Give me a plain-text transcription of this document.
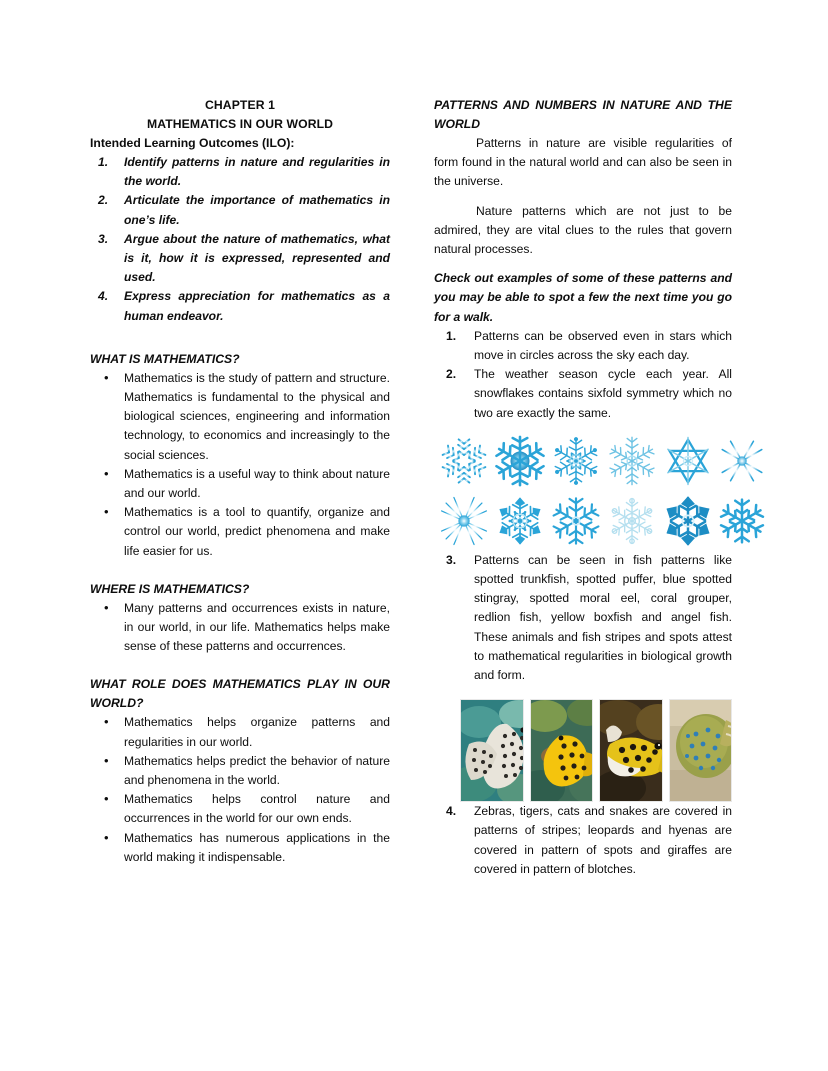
CHAPTER 1
MATHEMATICS IN OUR WORLD
Intended Learning Outcomes (ILO):
1. Identify patterns in nature and regularities in the world.
2. Articulate the importance of mathematics in one’s life.
3. Argue about the nature of mathematics, what is it, how it is expressed, represented and used.
4. Express appreciation for mathematics as a human endeavor.
WHAT IS MATHEMATICS?
• Mathematics is the study of pattern and structure. Mathematics is fundamental to the physical and biological sciences, engineering and information technology, to economics and increasingly to the social sciences.
• Mathematics is a useful way to think about nature and our world.
• Mathematics is a tool to quantify, organize and control our world, predict phenomena and make life easier for us.
WHERE IS MATHEMATICS?
• Many patterns and occurrences exists in nature, in our world, in our life. Mathematics helps make sense of these patterns and occurrences.
WHAT ROLE DOES MATHEMATICS PLAY IN OUR WORLD?
• Mathematics helps organize patterns and regularities in our world.
• Mathematics helps predict the behavior of nature and phenomena in the world.
• Mathematics helps control nature and occurrences in the world for our own ends.
• Mathematics has numerous applications in the world making it indispensable.
PATTERNS AND NUMBERS IN NATURE AND THE WORLD

Patterns in nature are visible regularities of form found in the natural world and can also be seen in the universe.

Nature patterns which are not just to be admired, they are vital clues to the rules that govern natural processes.

Check out examples of some of these patterns and you may be able to spot a few the next time you go for a walk.

1. Patterns can be observed even in stars which move in circles across the sky each day.
2. The weather season cycle each year. All snowflakes contains sixfold symmetry which no two are exactly the same.
3. Patterns can be seen in fish patterns like spotted trunkfish, spotted puffer, blue spotted stingray, spotted moral eel, coral grouper, redlion fish, yellow boxfish and angel fish. These animals and fish stripes and spots attest to mathematical regularities in biological growth and form.
4. Zebras, tigers, cats and snakes are covered in patterns of stripes; leopards and hyenas are covered in pattern of spots and giraffes are covered in pattern of blotches.
